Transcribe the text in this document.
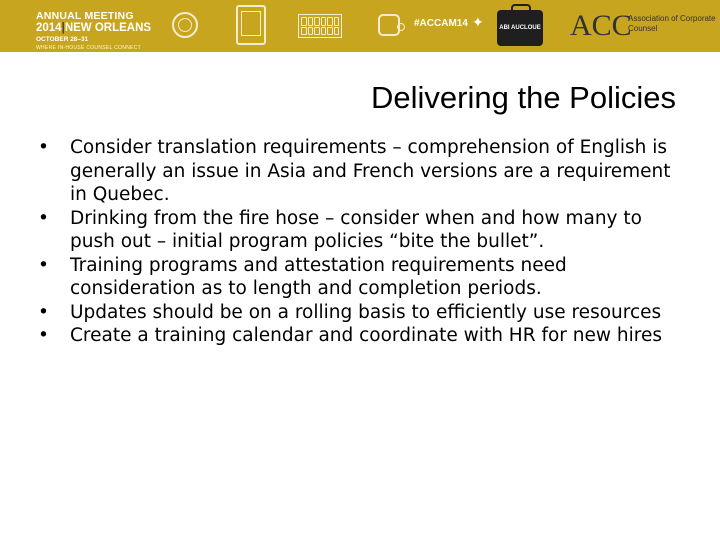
ANNUAL MEETING
2014|NEW ORLEANS
OCTOBER 28–31
WHERE IN-HOUSE COUNSEL CONNECT
#ACCAM14 ✦	ABI AUCLOUE ACC
Association of Corporate Counsel
Delivering the Policies
• Consider translation requirements – comprehension of English is generally an issue in Asia and French versions are a requirement in Quebec.
• Drinking from the fire hose – consider when and how many to push out – initial program policies “bite the bullet”.
• Training programs and attestation requirements need consideration as to length and completion periods.
• Updates should be on a rolling basis to efficiently use resources
• Create a training calendar and coordinate with HR for new hires
